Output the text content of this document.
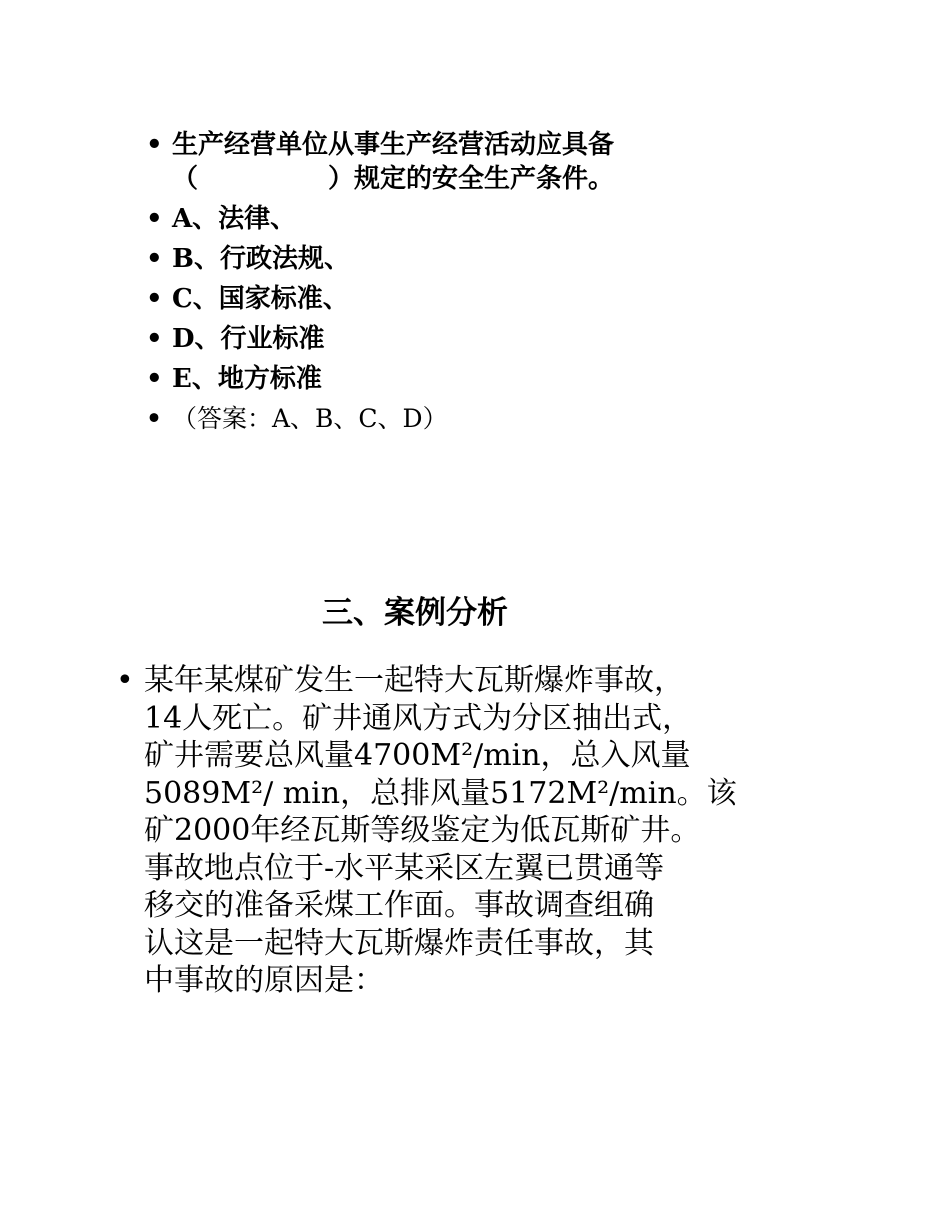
• 生产经营单位从事生产经营活动应具备
（　　　　　）规定的安全生产条件。
• A、法律、
• B、行政法规、
• C、国家标准、
• D、行业标准
• E、地方标准
• （答案：A、B、C、D）
三、案例分析
• 某年某煤矿发生一起特大瓦斯爆炸事故，
14人死亡。矿井通风方式为分区抽出式，
矿井需要总风量4700M²/min，总入风量
5089M²/ min，总排风量5172M²/min。该
矿2000年经瓦斯等级鉴定为低瓦斯矿井。
事故地点位于-水平某采区左翼已贯通等
移交的准备采煤工作面。事故调查组确
认这是一起特大瓦斯爆炸责任事故，其
中事故的原因是：
